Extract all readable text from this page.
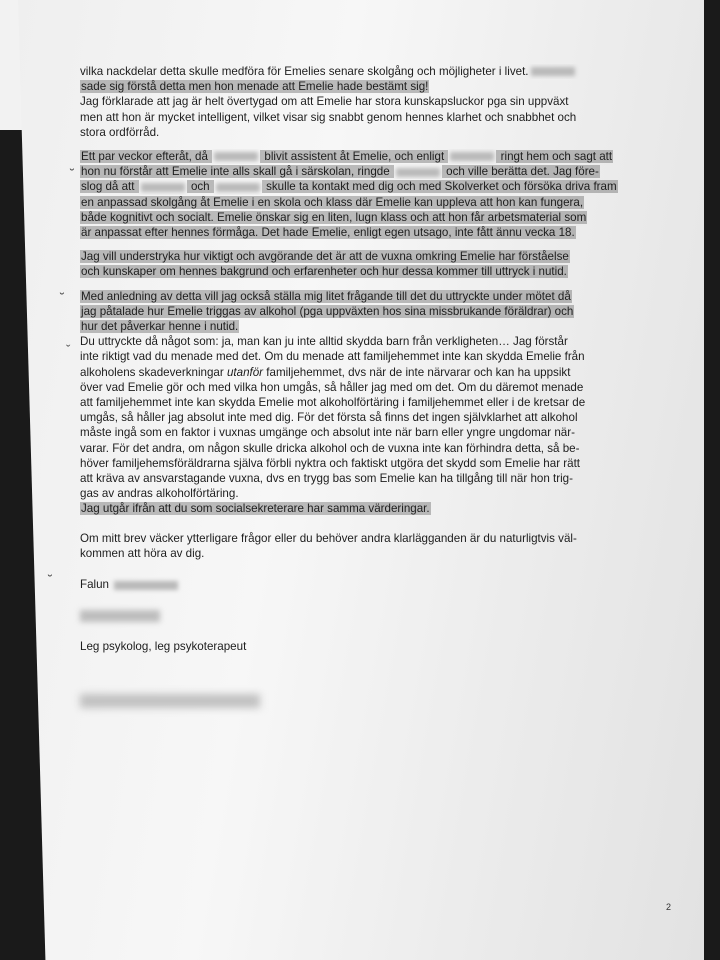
˘
˘
ˇ
˘
vilka nackdelar detta skulle medföra för Emelies senare skolgång och möjligheter i livet.
sade sig förstå detta men hon menade att Emelie hade bestämt sig!
Jag förklarade att jag är helt övertygad om att Emelie har stora kunskapsluckor pga sin uppväxt
men att hon är mycket intelligent, vilket visar sig snabbt genom hennes klarhet och snabbhet och
stora ordförråd.
Ett par veckor efteråt, då	blivit assistent åt Emelie, och enligt	ringt hem och sagt att
hon nu förstår att Emelie inte alls skall gå i särskolan, ringde	och ville berätta det. Jag före-
slog då att	och	skulle ta kontakt med dig och med Skolverket och försöka driva fram
en anpassad skolgång åt Emelie i en skola och klass där Emelie kan uppleva att hon kan fungera,
både kognitivt och socialt. Emelie önskar sig en liten, lugn klass och att hon får arbetsmaterial som
är anpassat efter hennes förmåga. Det hade Emelie, enligt egen utsago, inte fått ännu vecka 18.
Jag vill understryka hur viktigt och avgörande det är att de vuxna omkring Emelie har förståelse
och kunskaper om hennes bakgrund och erfarenheter och hur dessa kommer till uttryck i nutid.
Med anledning av detta vill jag också ställa mig litet frågande till det du uttryckte under mötet då
jag påtalade hur Emelie triggas av alkohol (pga uppväxten hos sina missbrukande föräldrar) och
hur det påverkar henne i nutid.
Du uttryckte då något som: ja, man kan ju inte alltid skydda barn från verkligheten… Jag förstår
inte riktigt vad du menade med det. Om du menade att familjehemmet inte kan skydda Emelie från
alkoholens skadeverkningar utanför familjehemmet, dvs när de inte närvarar och kan ha uppsikt
över vad Emelie gör och med vilka hon umgås, så håller jag med om det. Om du däremot menade
att familjehemmet inte kan skydda Emelie mot alkoholförtäring i familjehemmet eller i de kretsar de
umgås, så håller jag absolut inte med dig. För det första så finns det ingen självklarhet att alkohol
måste ingå som en faktor i vuxnas umgänge och absolut inte när barn eller yngre ungdomar när-
varar. För det andra, om någon skulle dricka alkohol och de vuxna inte kan förhindra detta, så be-
höver familjehemsföräldrarna själva förbli nyktra och faktiskt utgöra det skydd som Emelie har rätt
att kräva av ansvarstagande vuxna, dvs en trygg bas som Emelie kan ha tillgång till när hon trig-
gas av andras alkoholförtäring.
Jag utgår ifrån att du som socialsekreterare har samma värderingar.
Om mitt brev väcker ytterligare frågor eller du behöver andra klarlägganden är du naturligtvis väl-
kommen att höra av dig.
Falun
Leg psykolog, leg psykoterapeut
2
